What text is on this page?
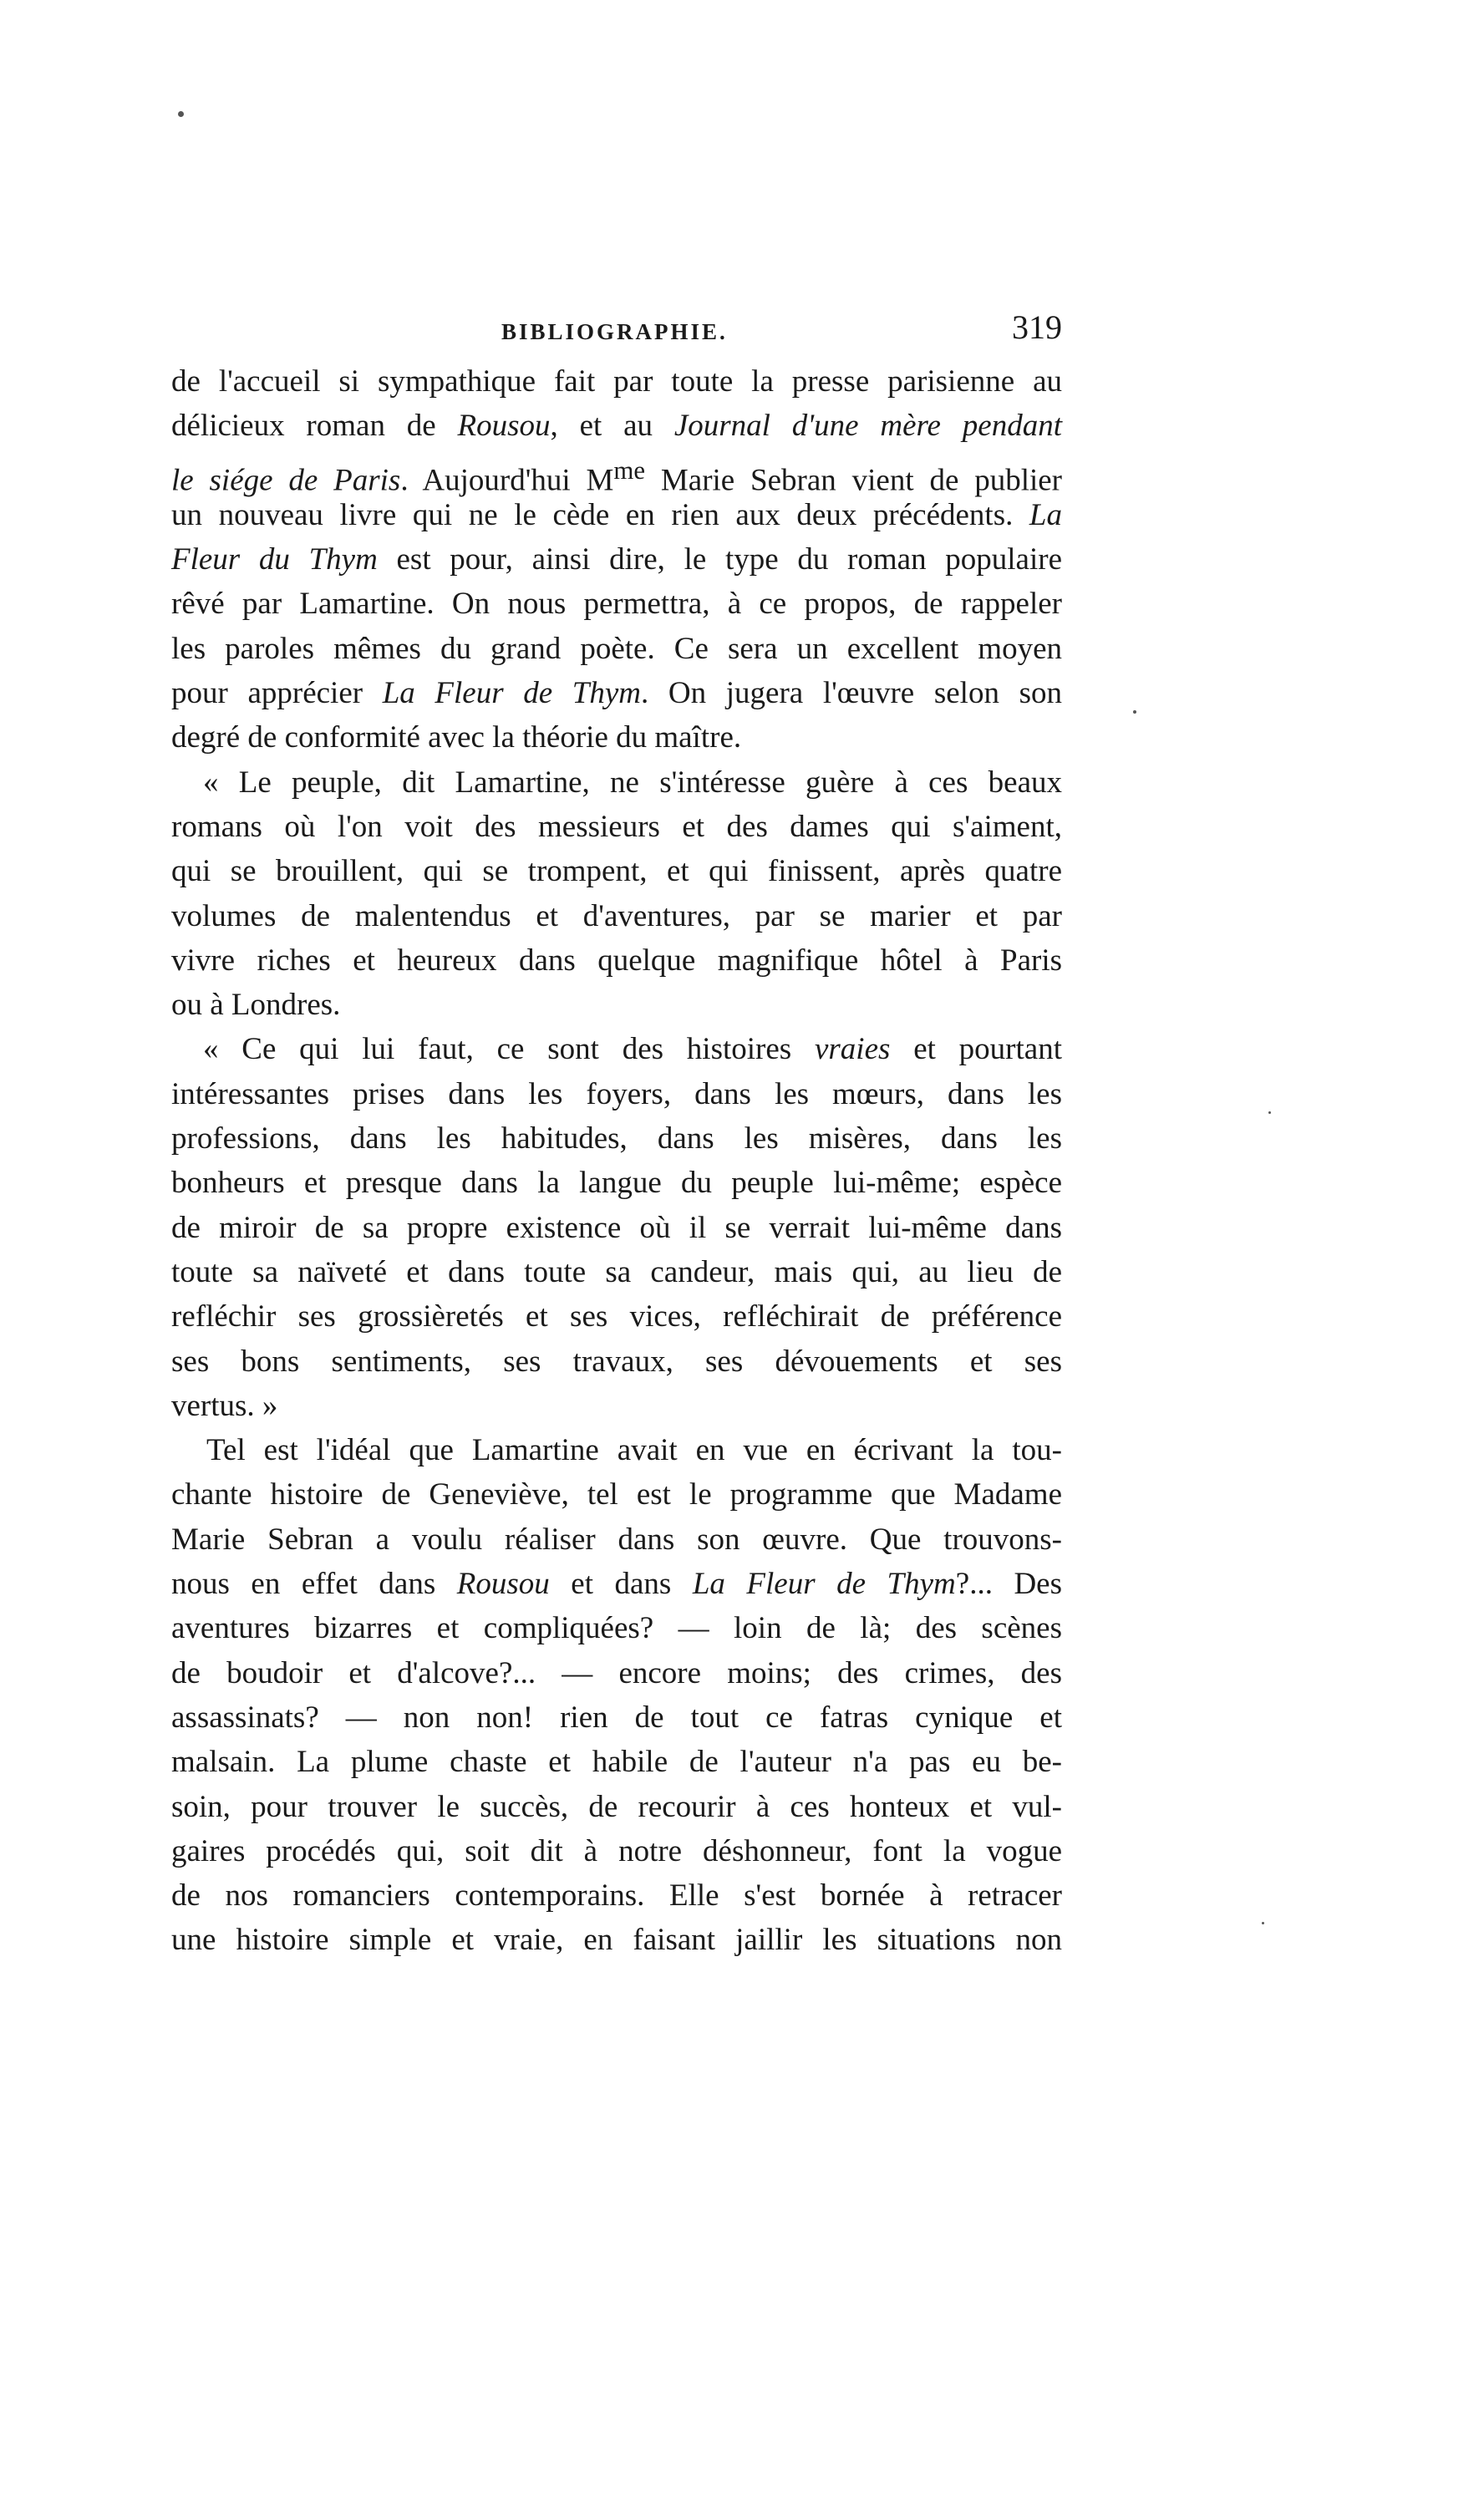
BIBLIOGRAPHIE.	319
de l'accueil si sympathique fait par toute la presse parisienne au
délicieux roman de Rousou, et au Journal d'une mère pendant
le siége de Paris. Aujourd'hui $M^{me}$ Marie Sebran vient de publier
un nouveau livre qui ne le cède en rien aux deux précédents. La
Fleur du Thym est pour, ainsi dire, le type du roman populaire
rêvé par Lamartine. On nous permettra, à ce propos, de rappeler
les paroles mêmes du grand poète. Ce sera un excellent moyen
pour apprécier La Fleur de Thym. On jugera l'œuvre selon son
degré de conformité avec la théorie du maître.
« Le peuple, dit Lamartine, ne s'intéresse guère à ces beaux
romans où l'on voit des messieurs et des dames qui s'aiment,
qui se brouillent, qui se trompent, et qui finissent, après quatre
volumes de malentendus et d'aventures, par se marier et par
vivre riches et heureux dans quelque magnifique hôtel à Paris
ou à Londres.
« Ce qui lui faut, ce sont des histoires vraies et pourtant
intéressantes prises dans les foyers, dans les mœurs, dans les
professions, dans les habitudes, dans les misères, dans les
bonheurs et presque dans la langue du peuple lui-même; espèce
de miroir de sa propre existence où il se verrait lui-même dans
toute sa naïveté et dans toute sa candeur, mais qui, au lieu de
refléchir ses grossièretés et ses vices, refléchirait de préférence
ses bons sentiments, ses travaux, ses dévouements et ses
vertus. »
Tel est l'idéal que Lamartine avait en vue en écrivant la tou-
chante histoire de Geneviève, tel est le programme que Madame
Marie Sebran a voulu réaliser dans son œuvre. Que trouvons-
nous en effet dans Rousou et dans La Fleur de Thym?... Des
aventures bizarres et compliquées? — loin de là; des scènes
de boudoir et d'alcove?... — encore moins; des crimes, des
assassinats? — non non! rien de tout ce fatras cynique et
malsain. La plume chaste et habile de l'auteur n'a pas eu be-
soin, pour trouver le succès, de recourir à ces honteux et vul-
gaires procédés qui, soit dit à notre déshonneur, font la vogue
de nos romanciers contemporains. Elle s'est bornée à retracer
une histoire simple et vraie, en faisant jaillir les situations non
